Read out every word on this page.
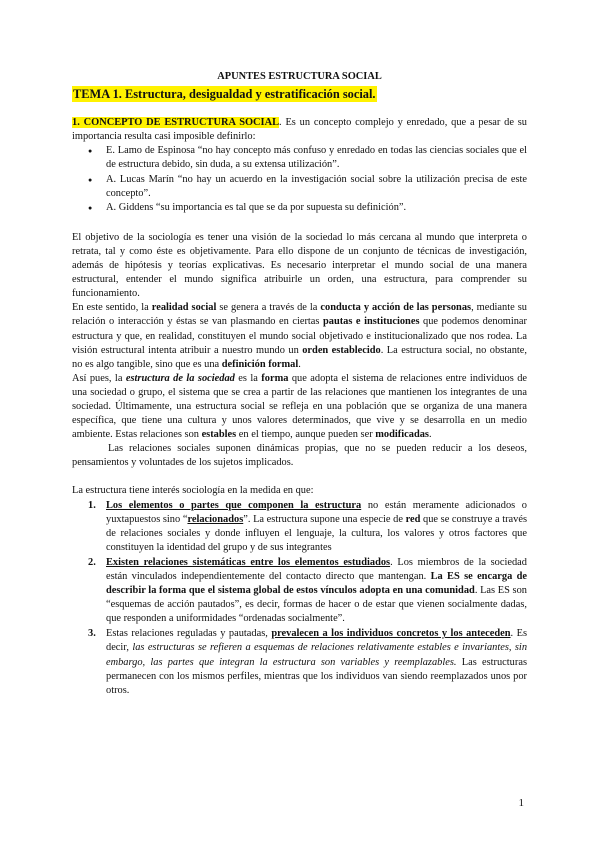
APUNTES ESTRUCTURA SOCIAL

TEMA 1. Estructura, desigualdad y estratificación social.

1. CONCEPTO DE ESTRUCTURA SOCIAL. Es un concepto complejo y enredado, que a pesar de su importancia resulta casi imposible definirlo:

● E. Lamo de Espinosa “no hay concepto más confuso y enredado en todas las ciencias sociales que el de estructura debido, sin duda, a su extensa utilización”.
● A. Lucas Marín “no hay un acuerdo en la investigación social sobre la utilización precisa de este concepto”.
● A. Giddens “su importancia es tal que se da por supuesta su definición”.

El objetivo de la sociología es tener una visión de la sociedad lo más cercana al mundo que interpreta o retrata, tal y como éste es objetivamente. Para ello dispone de un conjunto de técnicas de investigación, además de hipótesis y teorías explicativas. Es necesario interpretar el mundo social de una manera estructural, entender el mundo significa atribuirle un orden, una estructura, para comprender su funcionamiento.

En este sentido, la realidad social se genera a través de la conducta y acción de las personas, mediante su relación o interacción y éstas se van plasmando en ciertas pautas e instituciones que podemos denominar estructura y que, en realidad, constituyen el mundo social objetivado e institucionalizado que nos rodea. La visión estructural intenta atribuir a nuestro mundo un orden establecido. La estructura social, no obstante, no es algo tangible, sino que es una definición formal.

Así pues, la estructura de la sociedad es la forma que adopta el sistema de relaciones entre individuos de una sociedad o grupo, el sistema que se crea a partir de las relaciones que mantienen los integrantes de una sociedad. Últimamente, una estructura social se refleja en una población que se organiza de una manera específica, que tiene una cultura y unos valores determinados, que vive y se desarrolla en un medio ambiente. Estas relaciones son estables en el tiempo, aunque pueden ser modificadas.

Las relaciones sociales suponen dinámicas propias, que no se pueden reducir a los deseos, pensamientos y voluntades de los sujetos implicados.

La estructura tiene interés sociología en la medida en que:

1. Los elementos o partes que componen la estructura no están meramente adicionados o yuxtapuestos sino “relacionados”. La estructura supone una especie de red que se construye a través de relaciones sociales y donde influyen el lenguaje, la cultura, los valores y otros factores que constituyen la identidad del grupo y de sus integrantes
2. Existen relaciones sistemáticas entre los elementos estudiados. Los miembros de la sociedad están vinculados independientemente del contacto directo que mantengan. La ES se encarga de describir la forma que el sistema global de estos vínculos adopta en una comunidad. Las ES son “esquemas de acción pautados”, es decir, formas de hacer o de estar que vienen socialmente dadas, que responden a uniformidades “ordenadas socialmente”.
3. Estas relaciones reguladas y pautadas, prevalecen a los individuos concretos y los anteceden. Es decir, las estructuras se refieren a esquemas de relaciones relativamente estables e invariantes, sin embargo, las partes que integran la estructura son variables y reemplazables. Las estructuras permanecen con los mismos perfiles, mientras que los individuos van siendo reemplazados unos por otros.
1
